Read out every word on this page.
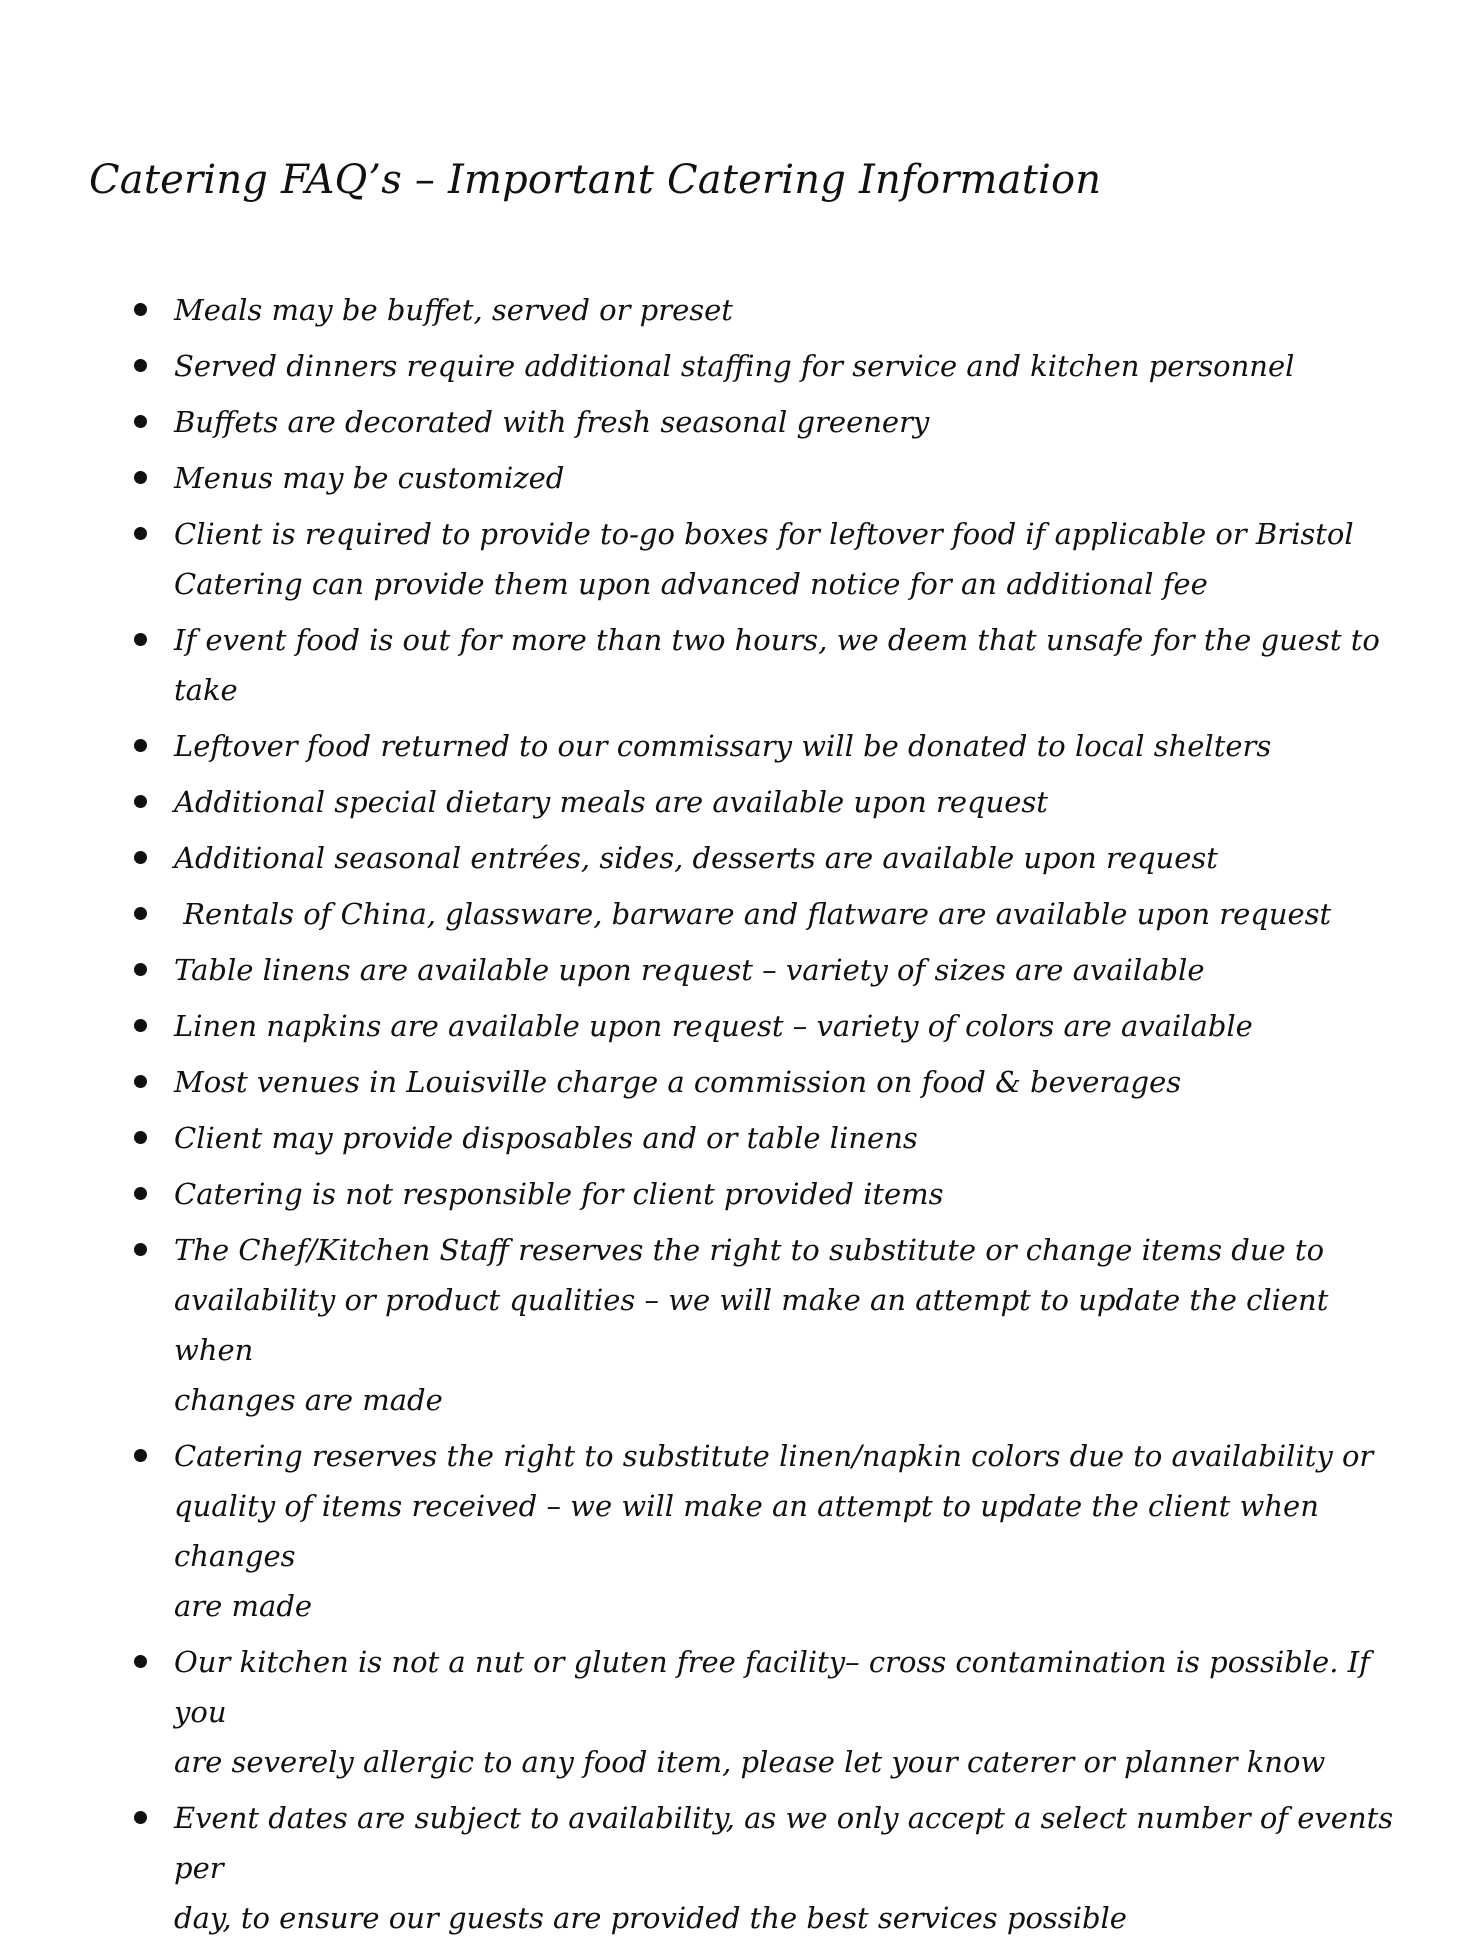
Catering FAQ’s – Important Catering Information
Meals may be buffet, served or preset
Served dinners require additional staffing for service and kitchen personnel
Buffets are decorated with fresh seasonal greenery
Menus may be customized
Client is required to provide to-go boxes for leftover food if applicable or Bristol
Catering can provide them upon advanced notice for an additional fee
If event food is out for more than two hours, we deem that unsafe for the guest to take
Leftover food returned to our commissary will be donated to local shelters
Additional special dietary meals are available upon request
Additional seasonal entrées, sides, desserts are available upon request
Rentals of China, glassware, barware and flatware are available upon request
Table linens are available upon request – variety of sizes are available
Linen napkins are available upon request – variety of colors are available
Most venues in Louisville charge a commission on food & beverages
Client may provide disposables and or table linens
Catering is not responsible for client provided items
The Chef/Kitchen Staff reserves the right to substitute or change items due to
availability or product qualities – we will make an attempt to update the client when
changes are made
Catering reserves the right to substitute linen/napkin colors due to availability or
quality of items received – we will make an attempt to update the client when changes
are made
Our kitchen is not a nut or gluten free facility– cross contamination is possible. If you
are severely allergic to any food item, please let your caterer or planner know
Event dates are subject to availability, as we only accept a select number of events per
day, to ensure our guests are provided the best services possible
